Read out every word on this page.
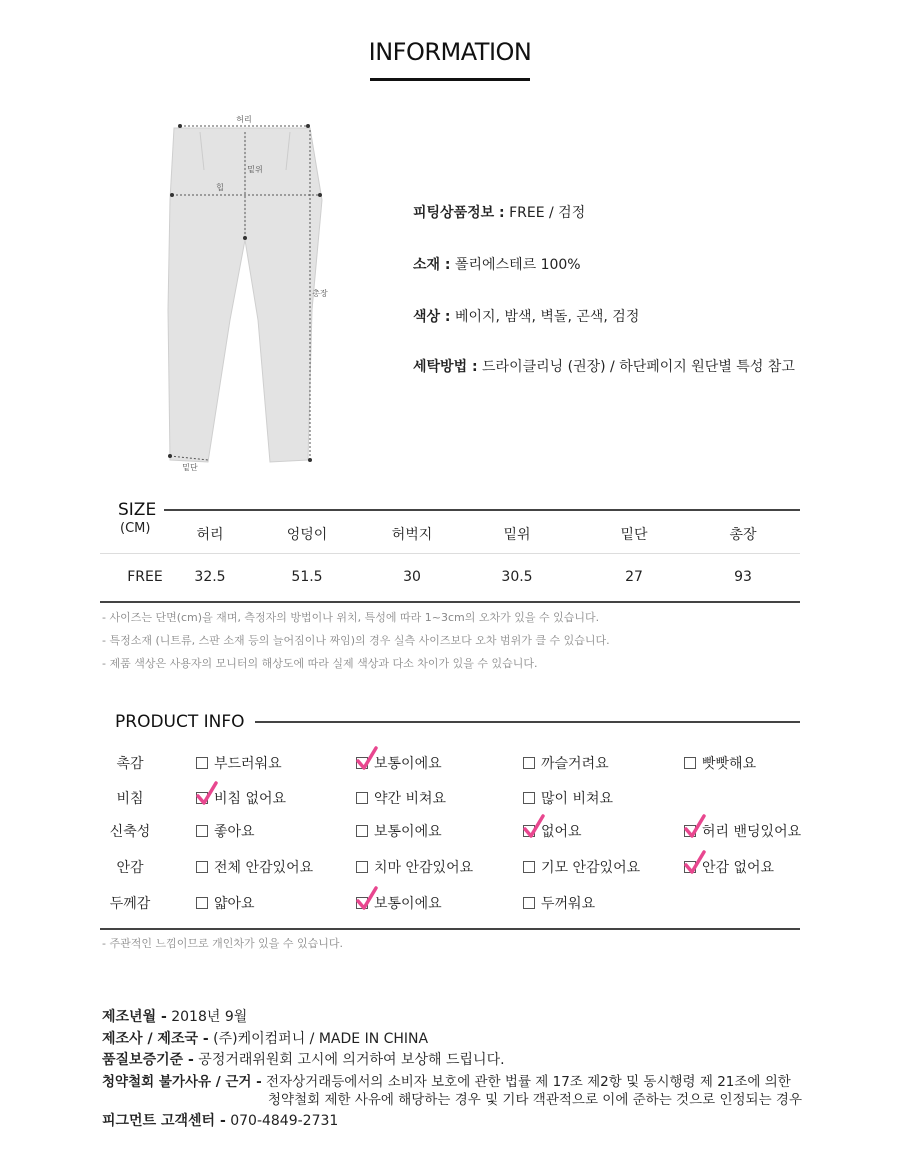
INFORMATION
허리
밑위
힙
총장
밑단
피팅상품정보 : FREE / 검정
소재 : 폴리에스테르 100%
색상 : 베이지, 밤색, 벽돌, 곤색, 검정
세탁방법 : 드라이클리닝 (권장) / 하단페이지 원단별 특성 참고
SIZE
(CM)	허리	엉덩이	허벅지	밑위	밑단	총장
FREE	32.5	51.5	30	30.5	27	93
- 사이즈는 단면(cm)을 재며, 측정자의 방법이나 위치, 특성에 따라 1~3cm의 오차가 있을 수 있습니다.
- 특정소재 (니트류, 스판 소재 등의 늘어짐이나 짜임)의 경우 실측 사이즈보다 오차 범위가 클 수 있습니다.
- 제품 색상은 사용자의 모니터의 해상도에 따라 실제 색상과 다소 차이가 있을 수 있습니다.
PRODUCT INFO
촉감	부드러워요	보통이에요	까슬거려요	빳빳해요
비침	비침 없어요	약간 비쳐요	많이 비쳐요
신축성	좋아요	보통이에요	없어요	허리 밴딩있어요
안감	전체 안감있어요	치마 안감있어요	기모 안감있어요	안감 없어요
두께감	얇아요	보통이에요	두꺼워요
- 주관적인 느낌이므로 개인차가 있을 수 있습니다.
제조년월 - 2018년 9월
제조사 / 제조국 - (주)케이컴퍼니 / MADE IN CHINA
품질보증기준 - 공정거래위원회 고시에 의거하여 보상해 드립니다.
청약철회 불가사유 / 근거 - 전자상거래등에서의 소비자 보호에 관한 법률 제 17조 제2항 및 동시행령 제 21조에 의한
청약철회 제한 사유에 해당하는 경우 및 기타 객관적으로 이에 준하는 것으로 인정되는 경우
피그먼트 고객센터 - 070-4849-2731
